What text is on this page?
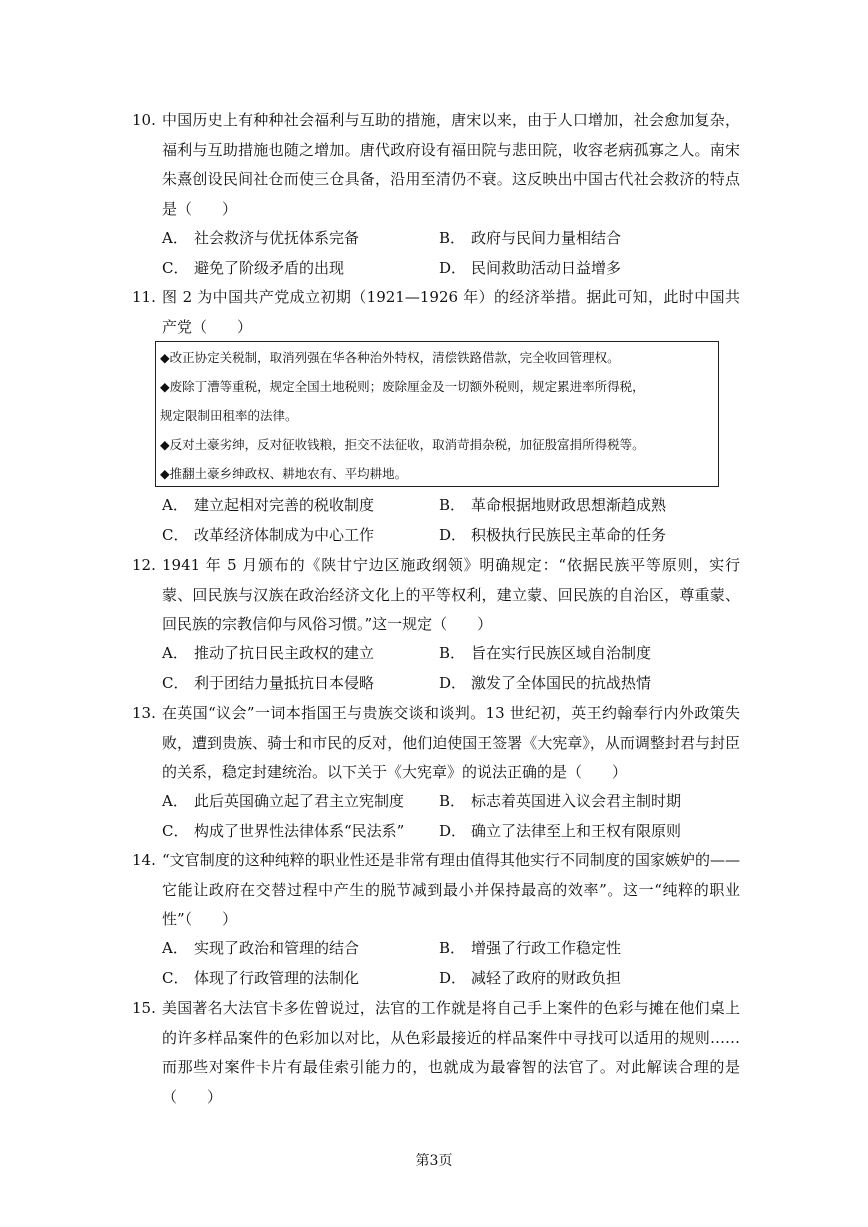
10. 中国历史上有种种社会福利与互助的措施，唐宋以来，由于人口增加，社会愈加复杂，福利与互助措施也随之增加。唐代政府设有福田院与悲田院，收容老病孤寡之人。南宋朱熹创设民间社仓而使三仓具备，沿用至清仍不衰。这反映出中国古代社会救济的特点是（　　）
A． 社会救济与优抚体系完备	B． 政府与民间力量相结合
C． 避免了阶级矛盾的出现	D． 民间救助活动日益增多
11. 图 2 为中国共产党成立初期（1921—1926 年）的经济举措。据此可知，此时中国共产党（　　）
◆改正协定关税制，取消列强在华各种治外特权，清偿铁路借款，完全收回管理权。
◆废除丁漕等重税，规定全国土地税则；废除厘金及一切额外税则，规定累进率所得税，
规定限制田租率的法律。
◆反对土豪劣绅，反对征收钱粮，拒交不法征收，取消苛捐杂税，加征殷富捐所得税等。
◆推翻土豪乡绅政权、耕地农有、平均耕地。
A． 建立起相对完善的税收制度	B． 革命根据地财政思想渐趋成熟
C． 改革经济体制成为中心工作	D． 积极执行民族民主革命的任务
12. 1941 年 5 月颁布的《陕甘宁边区施政纲领》明确规定：“依据民族平等原则，实行蒙、回民族与汉族在政治经济文化上的平等权利，建立蒙、回民族的自治区，尊重蒙、回民族的宗教信仰与风俗习惯。”这一规定（　　）
A． 推动了抗日民主政权的建立	B． 旨在实行民族区域自治制度
C． 利于团结力量抵抗日本侵略	D． 激发了全体国民的抗战热情
13. 在英国“议会”一词本指国王与贵族交谈和谈判。13 世纪初，英王约翰奉行内外政策失败，遭到贵族、骑士和市民的反对，他们迫使国王签署《大宪章》，从而调整封君与封臣的关系，稳定封建统治。以下关于《大宪章》的说法正确的是（　　）
A． 此后英国确立起了君主立宪制度	B． 标志着英国进入议会君主制时期
C． 构成了世界性法律体系“民法系”	D． 确立了法律至上和王权有限原则
14. “文官制度的这种纯粹的职业性还是非常有理由值得其他实行不同制度的国家嫉妒的——它能让政府在交替过程中产生的脱节减到最小并保持最高的效率”。这一“纯粹的职业性”（　　）
A． 实现了政治和管理的结合	B． 增强了行政工作稳定性
C． 体现了行政管理的法制化	D． 减轻了政府的财政负担
15. 美国著名大法官卡多佐曾说过，法官的工作就是将自己手上案件的色彩与摊在他们桌上的许多样品案件的色彩加以对比，从色彩最接近的样品案件中寻找可以适用的规则……而那些对案件卡片有最佳索引能力的，也就成为最睿智的法官了。对此解读合理的是（　　）
第3页
